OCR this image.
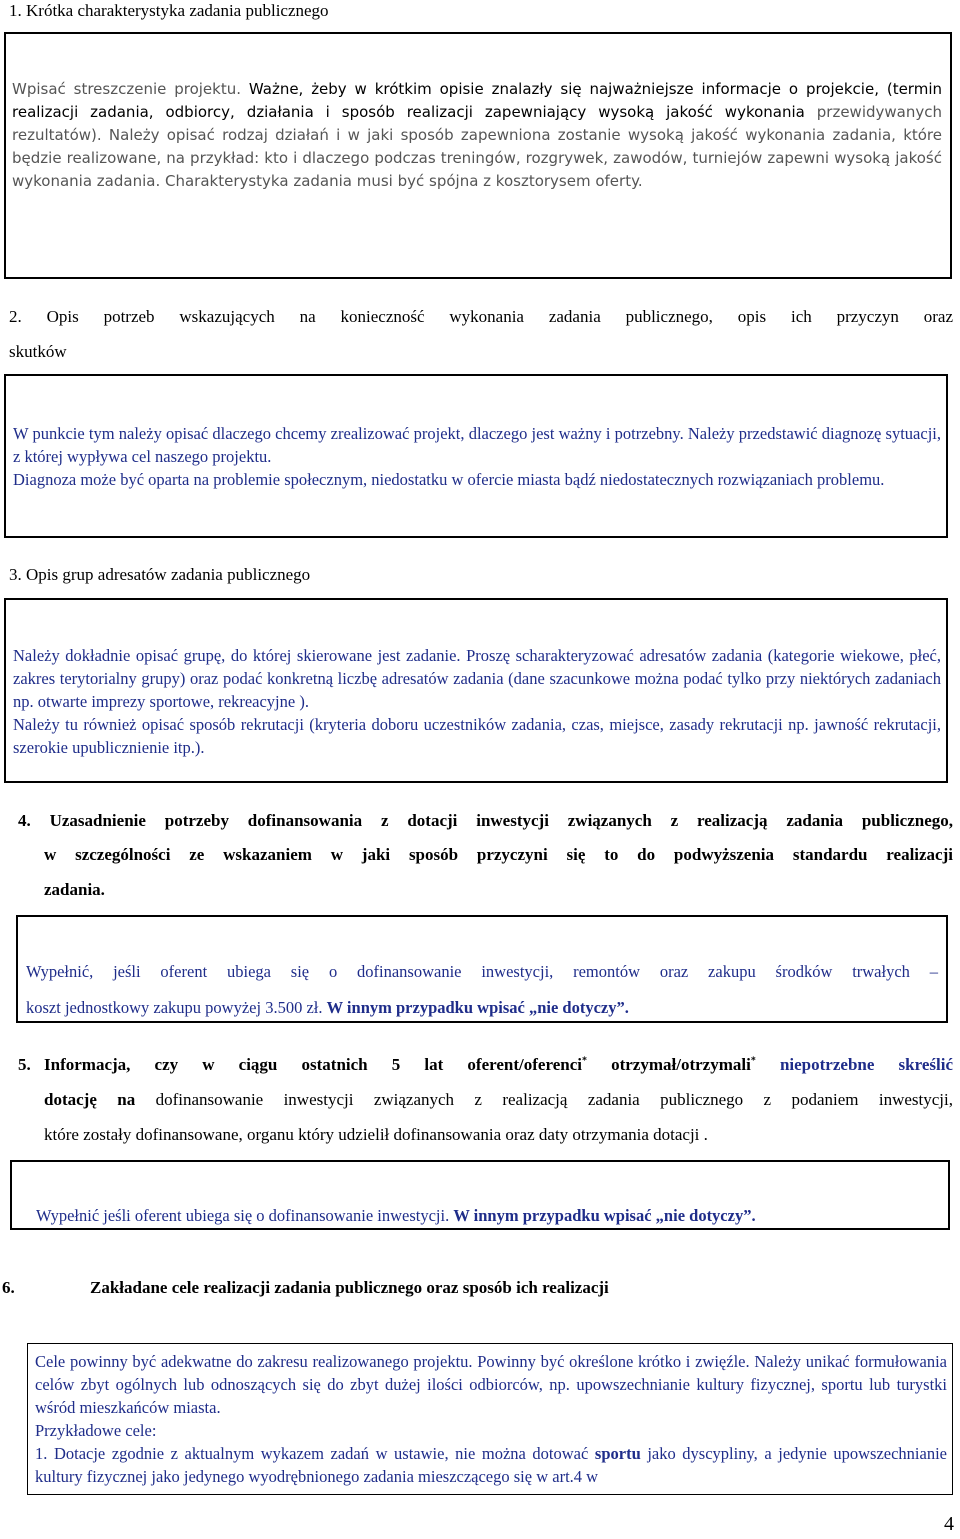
1. Krótka charakterystyka zadania publicznego

Wpisać streszczenie projektu. Ważne, żeby w krótkim opisie znalazły się najważniejsze informacje o projekcie, (termin realizacji zadania, odbiorcy, działania i sposób realizacji zapewniający wysoką jakość wykonania przewidywanych rezultatów). Należy opisać rodzaj działań i w jaki sposób zapewniona zostanie wysoką jakość wykonania zadania, które będzie realizowane, na przykład: kto i dlaczego podczas treningów, rozgrywek, zawodów, turniejów zapewni wysoką jakość wykonania zadania. Charakterystyka zadania musi być spójna z kosztorysem oferty.

2. Opis potrzeb wskazujących na konieczność wykonania zadania publicznego, opis ich przyczyn oraz
skutków

W punkcie tym należy opisać dlaczego chcemy zrealizować projekt, dlaczego jest ważny i potrzebny. Należy przedstawić diagnozę sytuacji, z której wypływa cel naszego projektu.

Diagnoza może być oparta na problemie społecznym, niedostatku w ofercie miasta bądź niedostatecznych rozwiązaniach problemu.

3. Opis grup adresatów zadania publicznego

Należy dokładnie opisać grupę, do której skierowane jest zadanie. Proszę scharakteryzować adresatów zadania (kategorie wiekowe, płeć, zakres terytorialny grupy) oraz podać konkretną liczbę adresatów zadania (dane szacunkowe można podać tylko przy niektórych zadaniach np. otwarte imprezy sportowe, rekreacyjne ).

Należy tu również opisać sposób rekrutacji (kryteria doboru uczestników zadania, czas, miejsce, zasady rekrutacji np. jawność rekrutacji, szerokie upublicznienie itp.).

4. Uzasadnienie potrzeby dofinansowania z dotacji inwestycji związanych z realizacją zadania publicznego,
w szczególności ze wskazaniem w jaki sposób przyczyni się to do podwyższenia standardu realizacji
zadania.
Wypełnić, jeśli oferent ubiega się o dofinansowanie inwestycji, remontów oraz zakupu środków trwałych –
koszt jednostkowy zakupu powyżej 3.500 zł. W innym przypadku wpisać „nie dotyczy”.
5. Informacja, czy w ciągu ostatnich 5 lat oferent/oferenci* otrzymał/otrzymali* niepotrzebne skreślić
dotację na dofinansowanie inwestycji związanych z realizacją zadania publicznego z podaniem inwestycji,
które zostały dofinansowane, organu który udzielił dofinansowania oraz daty otrzymania dotacji .
Wypełnić jeśli oferent ubiega się o dofinansowanie inwestycji. W innym przypadku wpisać „nie dotyczy”.
6.	Zakładane cele realizacji zadania publicznego oraz sposób ich realizacji

Cele powinny być adekwatne do zakresu realizowanego projektu. Powinny być określone krótko i zwięźle. Należy unikać formułowania celów zbyt ogólnych lub odnoszących się do zbyt dużej ilości odbiorców, np. upowszechnianie kultury fizycznej, sportu lub turystki wśród mieszkańców miasta.

Przykładowe cele:

1. Dotacje zgodnie z aktualnym wykazem zadań w ustawie, nie można dotować sportu jako dyscypliny, a jedynie upowszechnianie kultury fizycznej jako jedynego wyodrębnionego zadania mieszczącego się w art.4 w

4
